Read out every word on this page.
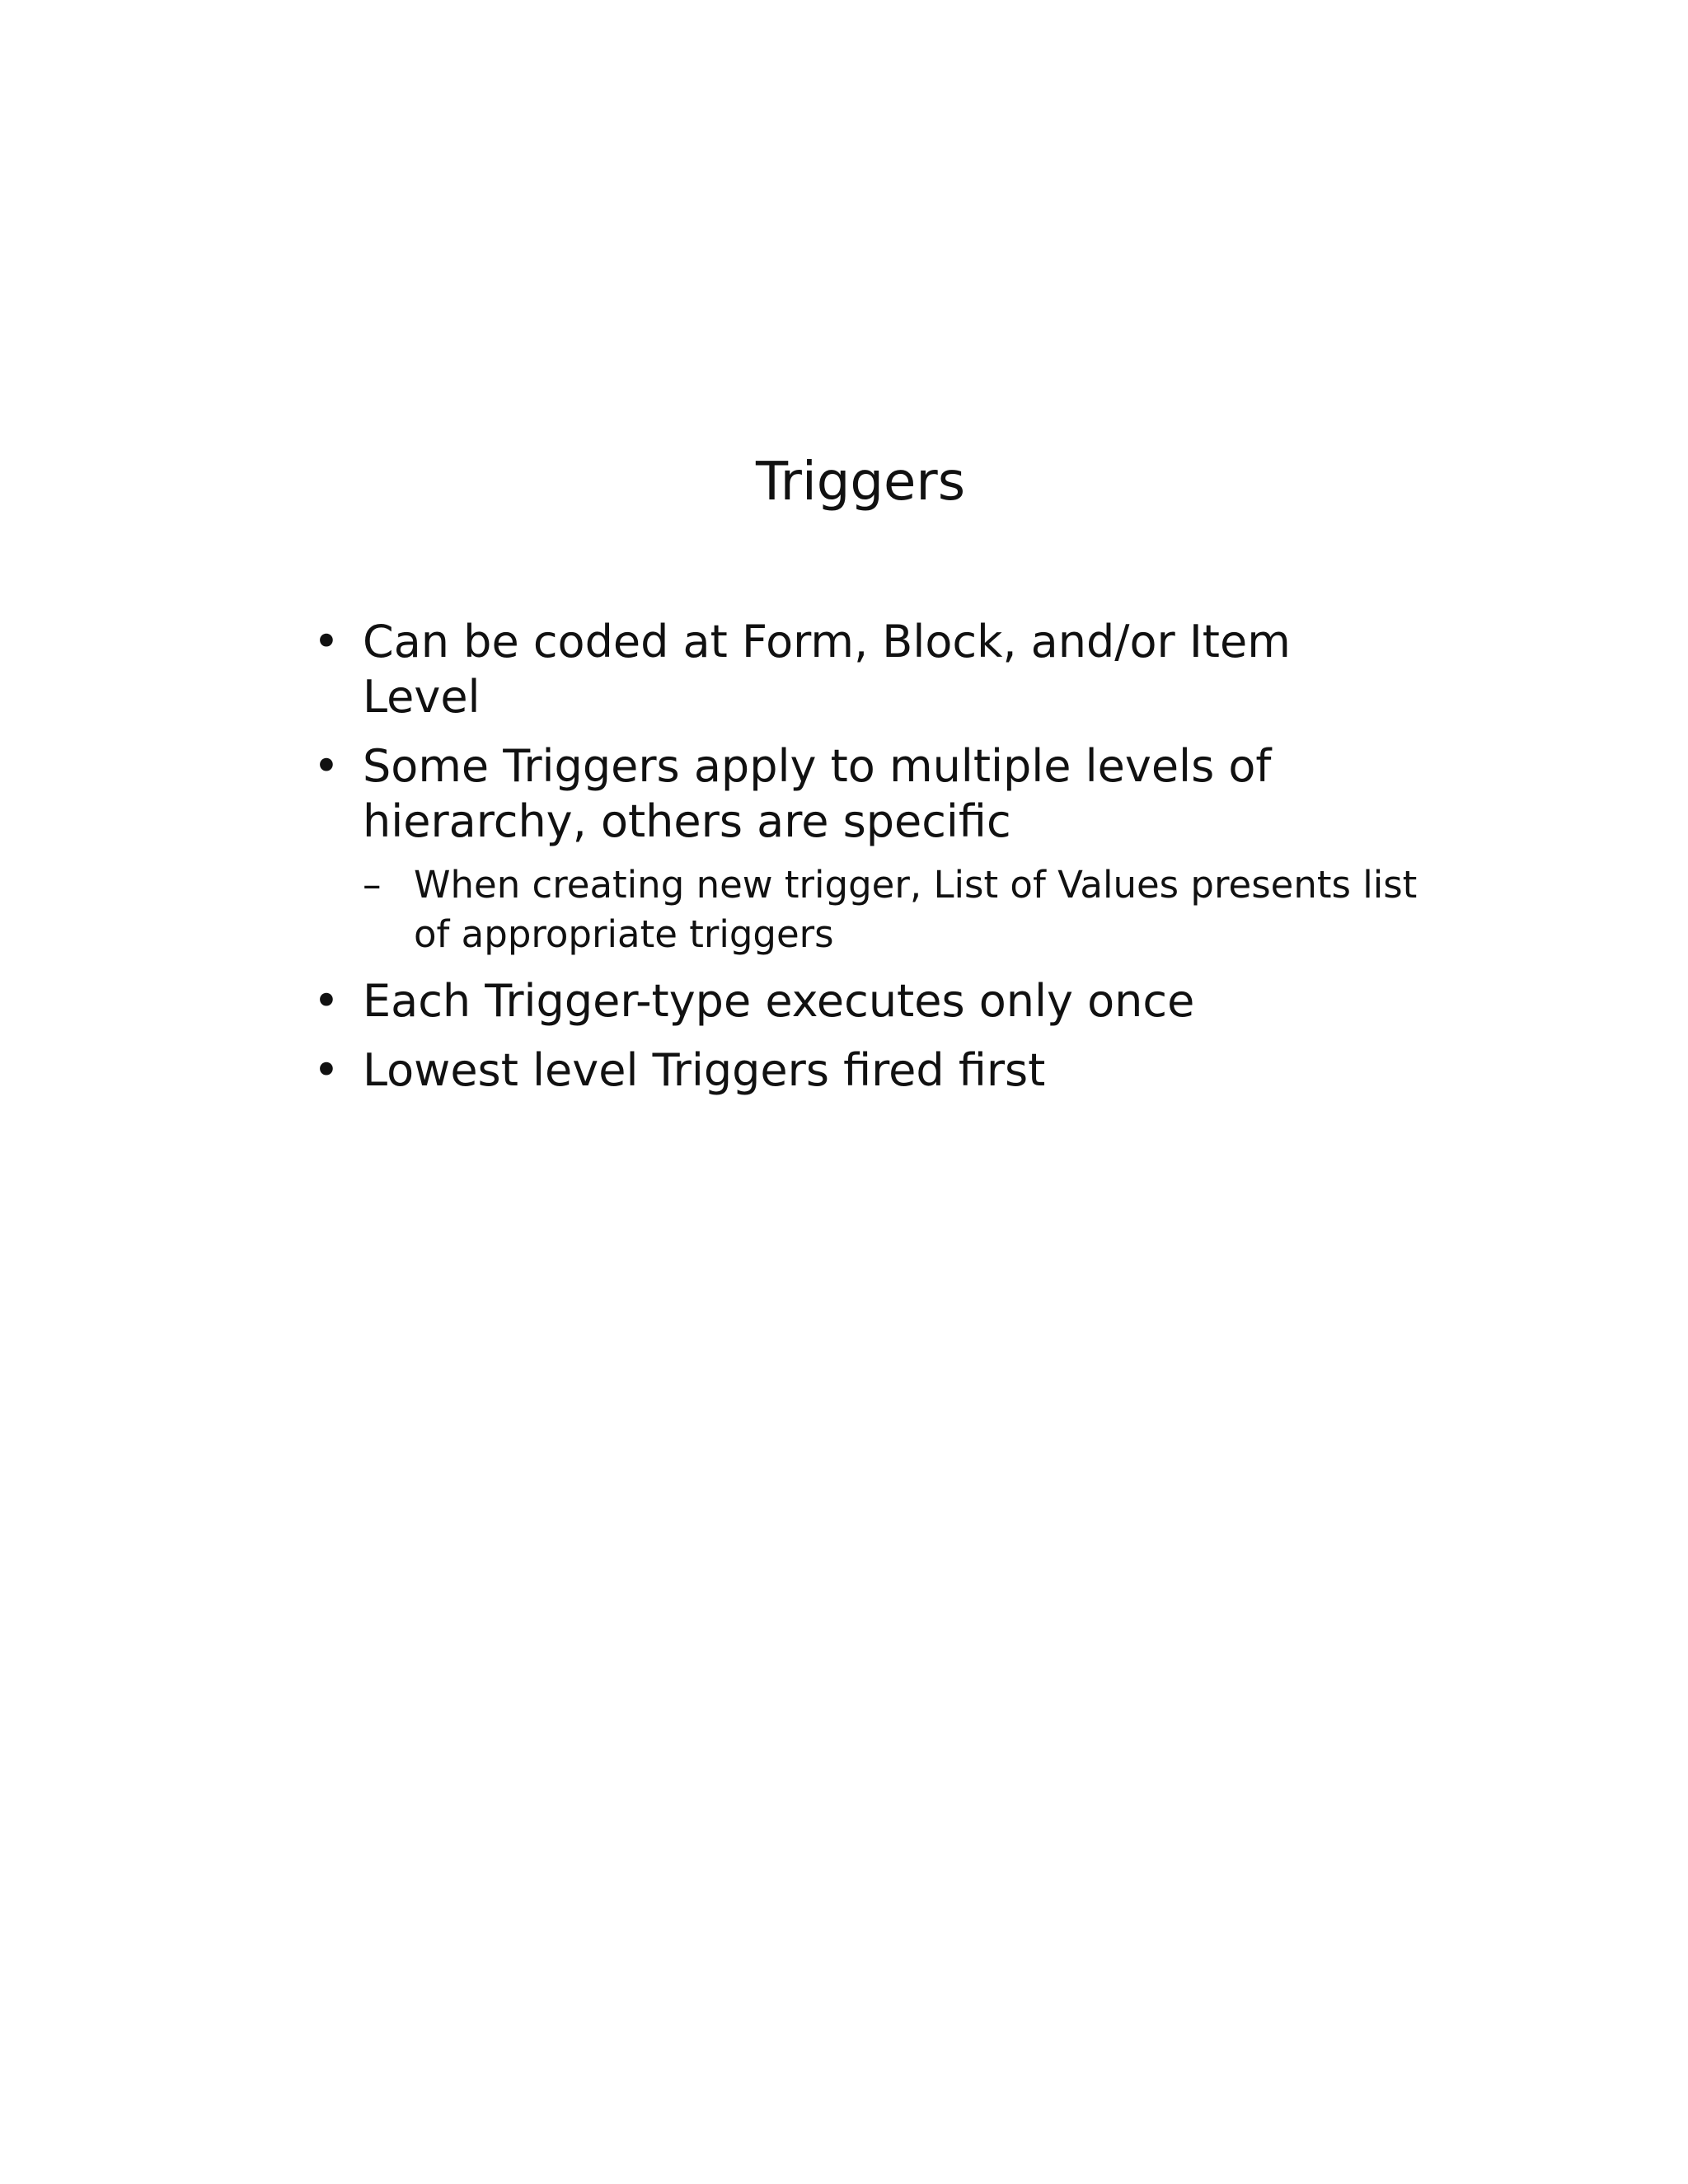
Triggers
• Can be coded at Form, Block, and/or Item Level
• Some Triggers apply to multiple levels of hierarchy, others are specific
– When creating new trigger, List of Values presents list of appropriate triggers
• Each Trigger-type executes only once
• Lowest level Triggers fired first
